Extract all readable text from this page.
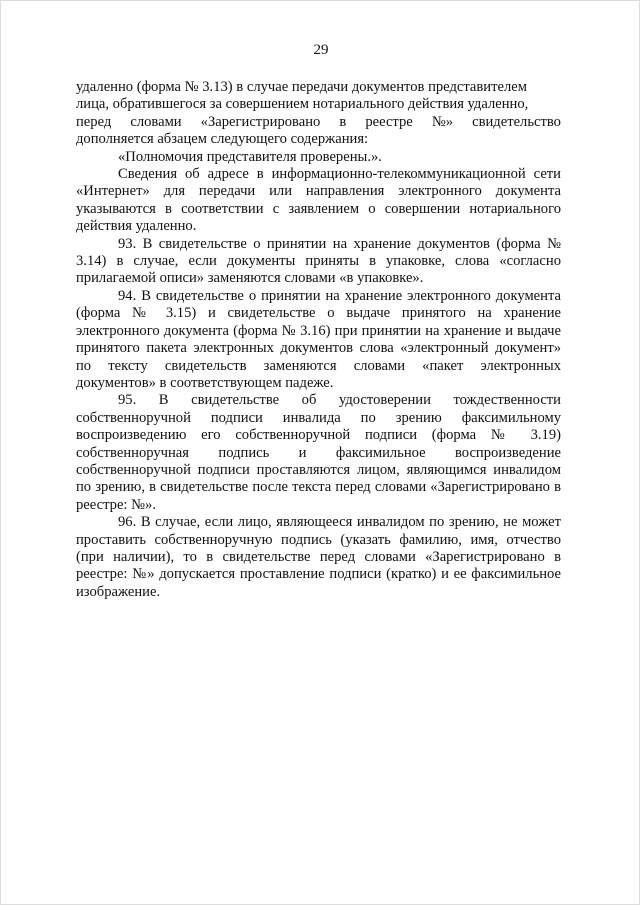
29

удаленно (форма № 3.13) в случае передачи документов представителем

лица, обратившегося за совершением нотариального действия удаленно,

перед словами «Зарегистрировано в реестре №» свидетельство

дополняется абзацем следующего содержания:

«Полномочия представителя проверены.».

Сведения об адресе в информационно-телекоммуникационной сети «Интернет» для передачи или направления электронного документа указываются в соответствии с заявлением о совершении нотариального действия удаленно.

93. В свидетельстве о принятии на хранение документов (форма № 3.14) в случае, если документы приняты в упаковке, слова «согласно прилагаемой описи» заменяются словами «в упаковке».

94. В свидетельстве о принятии на хранение электронного документа (форма № 3.15) и свидетельстве о выдаче принятого на хранение электронного документа (форма № 3.16) при принятии на хранение и выдаче принятого пакета электронных документов слова «электронный документ» по тексту свидетельств заменяются словами «пакет электронных документов» в соответствующем падеже.

95. В свидетельстве об удостоверении тождественности собственноручной подписи инвалида по зрению факсимильному воспроизведению его собственноручной подписи (форма № 3.19) собственноручная подпись и факсимильное воспроизведение собственноручной подписи проставляются лицом, являющимся инвалидом по зрению, в свидетельстве после текста перед словами «Зарегистрировано в реестре: №».

96. В случае, если лицо, являющееся инвалидом по зрению, не может проставить собственноручную подпись (указать фамилию, имя, отчество (при наличии), то в свидетельстве перед словами «Зарегистрировано в реестре: №» допускается проставление подписи (кратко) и ее факсимильное изображение.
